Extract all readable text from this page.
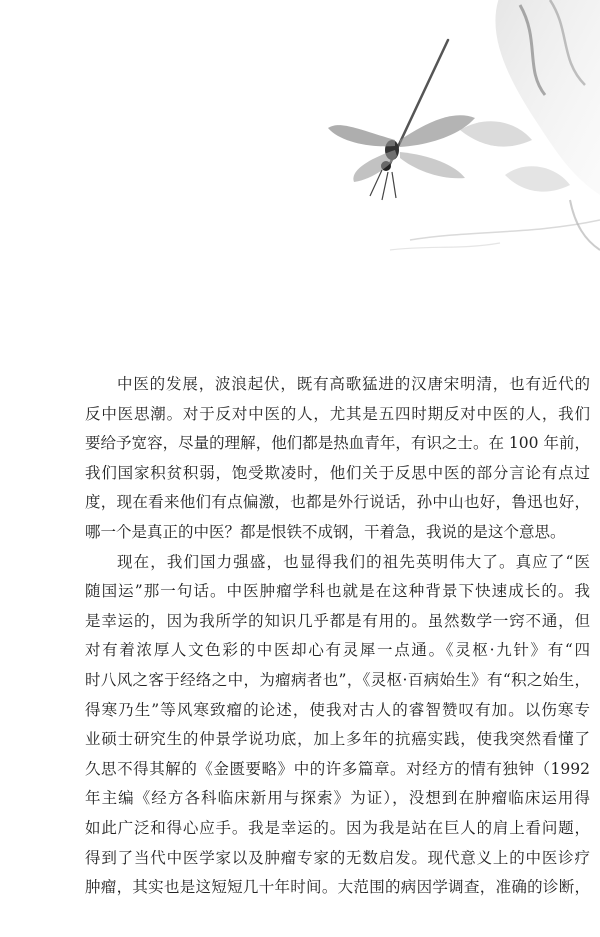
中医的发展，波浪起伏，既有高歌猛进的汉唐宋明清，也有近代的
反中医思潮。对于反对中医的人，尤其是五四时期反对中医的人，我们
要给予宽容，尽量的理解，他们都是热血青年，有识之士。在 100 年前，
我们国家积贫积弱，饱受欺凌时，他们关于反思中医的部分言论有点过
度，现在看来他们有点偏激，也都是外行说话，孙中山也好，鲁迅也好，
哪一个是真正的中医？都是恨铁不成钢，干着急，我说的是这个意思。

现在，我们国力强盛，也显得我们的祖先英明伟大了。真应了“医
随国运”那一句话。中医肿瘤学科也就是在这种背景下快速成长的。我
是幸运的，因为我所学的知识几乎都是有用的。虽然数学一窍不通，但
对有着浓厚人文色彩的中医却心有灵犀一点通。《灵枢·九针》有“四
时八风之客于经络之中，为瘤病者也”，《灵枢·百病始生》有“积之始生，
得寒乃生”等风寒致瘤的论述，使我对古人的睿智赞叹有加。以伤寒专
业硕士研究生的仲景学说功底，加上多年的抗癌实践，使我突然看懂了
久思不得其解的《金匮要略》中的许多篇章。对经方的情有独钟（1992
年主编《经方各科临床新用与探索》为证），没想到在肿瘤临床运用得
如此广泛和得心应手。我是幸运的。因为我是站在巨人的肩上看问题，
得到了当代中医学家以及肿瘤专家的无数启发。现代意义上的中医诊疗
肿瘤，其实也是这短短几十年时间。大范围的病因学调查，准确的诊断，
